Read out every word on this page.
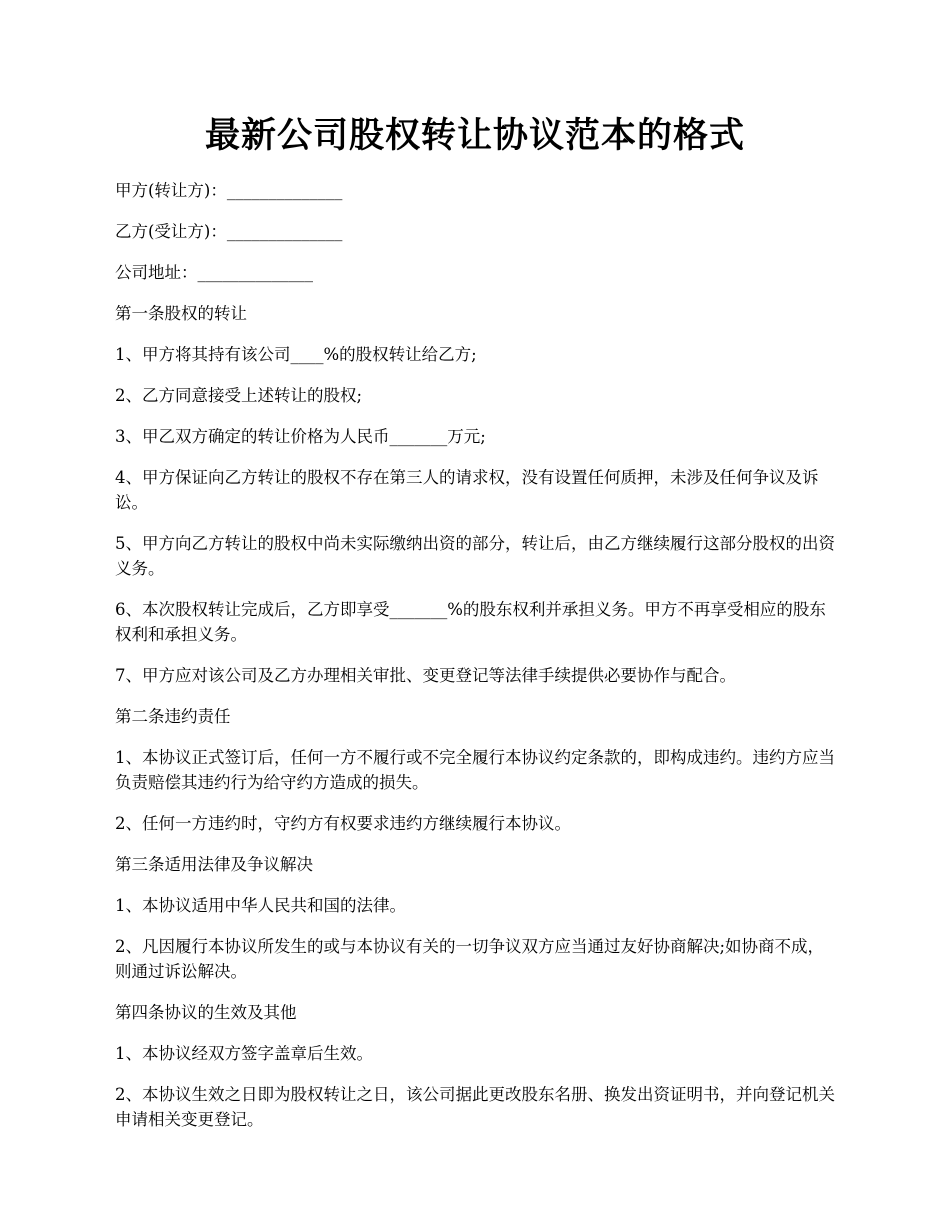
最新公司股权转让协议范本的格式

甲方(转让方)：______________

乙方(受让方)：______________

公司地址：______________

第一条股权的转让

1、甲方将其持有该公司____%的股权转让给乙方;

2、乙方同意接受上述转让的股权;

3、甲乙双方确定的转让价格为人民币_______万元;

4、甲方保证向乙方转让的股权不存在第三人的请求权，没有设置任何质押，未涉及任何争议及诉讼。

5、甲方向乙方转让的股权中尚未实际缴纳出资的部分，转让后，由乙方继续履行这部分股权的出资义务。

6、本次股权转让完成后，乙方即享受_______%的股东权利并承担义务。甲方不再享受相应的股东权利和承担义务。

7、甲方应对该公司及乙方办理相关审批、变更登记等法律手续提供必要协作与配合。

第二条违约责任

1、本协议正式签订后，任何一方不履行或不完全履行本协议约定条款的，即构成违约。违约方应当负责赔偿其违约行为给守约方造成的损失。

2、任何一方违约时，守约方有权要求违约方继续履行本协议。

第三条适用法律及争议解决

1、本协议适用中华人民共和国的法律。

2、凡因履行本协议所发生的或与本协议有关的一切争议双方应当通过友好协商解决;如协商不成，则通过诉讼解决。

第四条协议的生效及其他

1、本协议经双方签字盖章后生效。

2、本协议生效之日即为股权转让之日，该公司据此更改股东名册、换发出资证明书，并向登记机关申请相关变更登记。
